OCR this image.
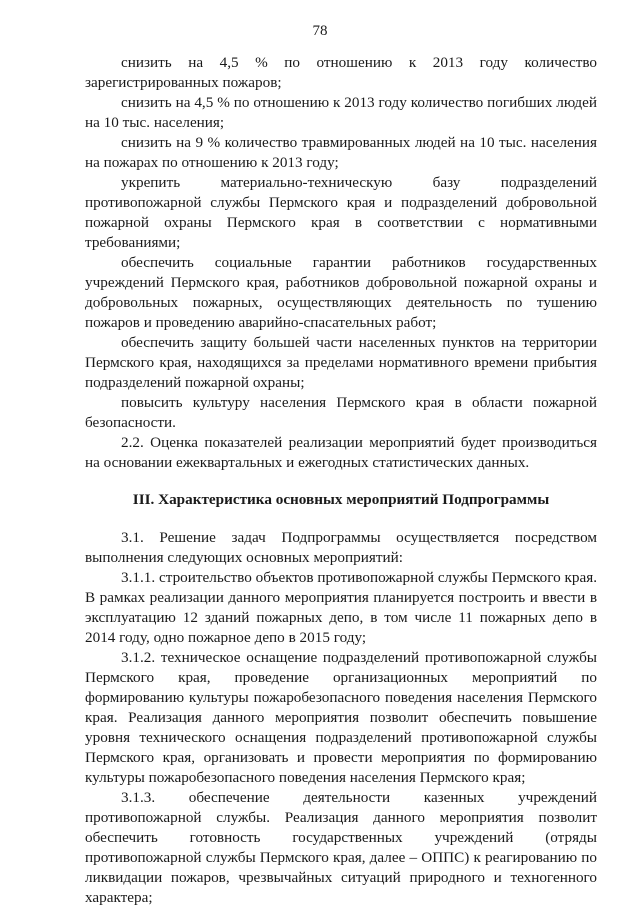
78

снизить на 4,5 % по отношению к 2013 году количество зарегистрированных пожаров;

снизить на 4,5 % по отношению к 2013 году количество погибших людей на 10 тыс. населения;

снизить на 9 % количество травмированных людей на 10 тыс. населения на пожарах по отношению к 2013 году;

укрепить материально-техническую базу подразделений противопожарной службы Пермского края и подразделений добровольной пожарной охраны Пермского края в соответствии с нормативными требованиями;

обеспечить социальные гарантии работников государственных учреждений Пермского края, работников добровольной пожарной охраны и добровольных пожарных, осуществляющих деятельность по тушению пожаров и проведению аварийно-спасательных работ;

обеспечить защиту большей части населенных пунктов на территории Пермского края, находящихся за пределами нормативного времени прибытия подразделений пожарной охраны;

повысить культуру населения Пермского края в области пожарной безопасности.

2.2. Оценка показателей реализации мероприятий будет производиться на основании ежеквартальных и ежегодных статистических данных.

III. Характеристика основных мероприятий Подпрограммы

3.1. Решение задач Подпрограммы осуществляется посредством выполнения следующих основных мероприятий:

3.1.1. строительство объектов противопожарной службы Пермского края. В рамках реализации данного мероприятия планируется построить и ввести в эксплуатацию 12 зданий пожарных депо, в том числе 11 пожарных депо в 2014 году, одно пожарное депо в 2015 году;

3.1.2. техническое оснащение подразделений противопожарной службы Пермского края, проведение организационных мероприятий по формированию культуры пожаробезопасного поведения населения Пермского края. Реализация данного мероприятия позволит обеспечить повышение уровня технического оснащения подразделений противопожарной службы Пермского края, организовать и провести мероприятия по формированию культуры пожаробезопасного поведения населения Пермского края;

3.1.3. обеспечение деятельности казенных учреждений противопожарной службы. Реализация данного мероприятия позволит обеспечить готовность государственных учреждений (отряды противопожарной службы Пермского края, далее – ОППС) к реагированию по ликвидации пожаров, чрезвычайных ситуаций природного и техногенного характера;
